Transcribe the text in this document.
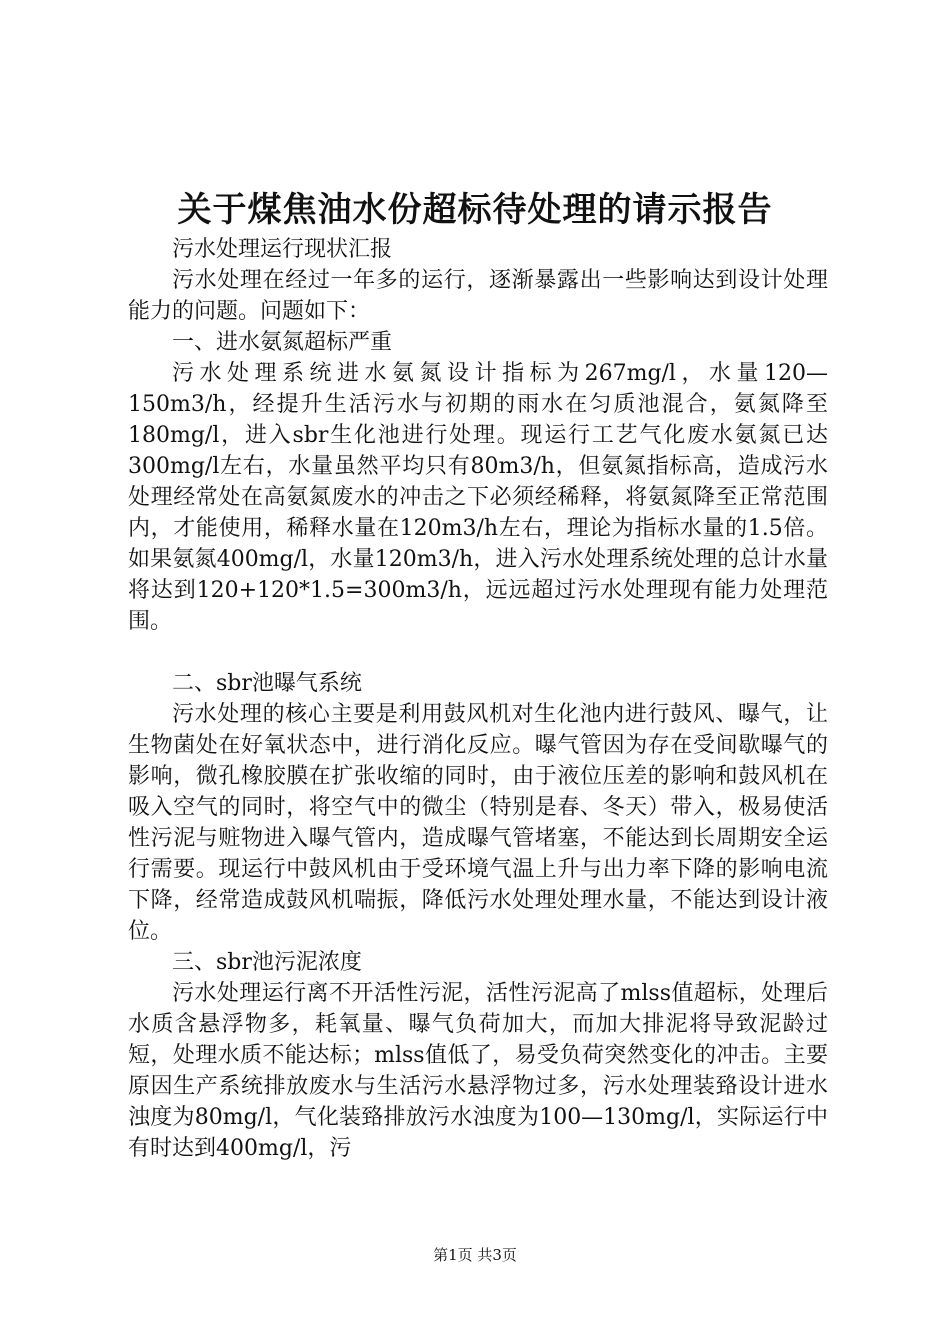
关于煤焦油水份超标待处理的请示报告

污水处理运行现状汇报

污水处理在经过一年多的运行，逐渐暴露出一些影响达到设计处理能力的问题。问题如下：

一、进水氨氮超标严重

污水处理系统进水氨氮设计指标为267mg/l，水量120—150m3/h，经提升生活污水与初期的雨水在匀质池混合，氨氮降至180mg/l，进入sbr生化池进行处理。现运行工艺气化废水氨氮已达300mg/l左右，水量虽然平均只有80m3/h，但氨氮指标高，造成污水处理经常处在高氨氮废水的冲击之下必须经稀释，将氨氮降至正常范围内，才能使用，稀释水量在120m3/h左右，理论为指标水量的1.5倍。如果氨氮400mg/l，水量120m3/h，进入污水处理系统处理的总计水量将达到120+120*1.5=300m3/h，远远超过污水处理现有能力处理范围。

二、sbr池曝气系统

污水处理的核心主要是利用鼓风机对生化池内进行鼓风、曝气，让生物菌处在好氧状态中，进行消化反应。曝气管因为存在受间歇曝气的影响，微孔橡胶膜在扩张收缩的同时，由于液位压差的影响和鼓风机在吸入空气的同时，将空气中的微尘（特别是春、冬天）带入，极易使活性污泥与赃物进入曝气管内，造成曝气管堵塞，不能达到长周期安全运行需要。现运行中鼓风机由于受环境气温上升与出力率下降的影响电流下降，经常造成鼓风机喘振，降低污水处理处理水量，不能达到设计液位。

三、sbr池污泥浓度

污水处理运行离不开活性污泥，活性污泥高了mlss值超标，处理后水质含悬浮物多，耗氧量、曝气负荷加大，而加大排泥将导致泥龄过短，处理水质不能达标；mlss值低了，易受负荷突然变化的冲击。主要原因生产系统排放废水与生活污水悬浮物过多，污水处理装臵设计进水浊度为80mg/l，气化装臵排放污水浊度为100—130mg/l，实际运行中有时达到400mg/l，污

第1页 共3页
